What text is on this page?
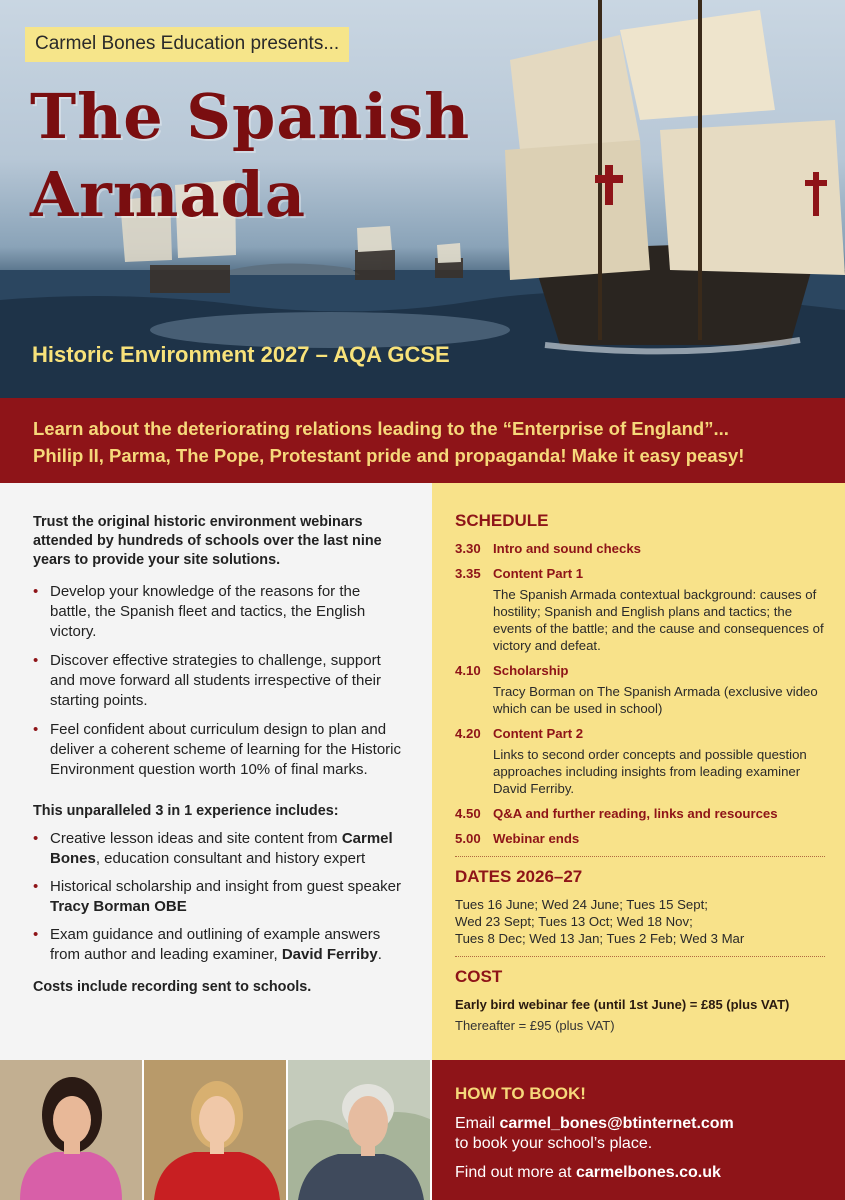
Carmel Bones Education presents...
The Spanish
Armada
Historic Environment 2027 – AQA GCSE
Learn about the deteriorating relations leading to the “Enterprise of England”...
Philip II, Parma, The Pope, Protestant pride and propaganda! Make it easy peasy!

Trust the original historic environment webinars attended by hundreds of schools over the last nine years to provide your site solutions.

• Develop your knowledge of the reasons for the battle, the Spanish fleet and tactics, the English victory.
• Discover effective strategies to challenge, support and move forward all students irrespective of their starting points.
• Feel confident about curriculum design to plan and deliver a coherent scheme of learning for the Historic Environment question worth 10% of final marks.

This unparalleled 3 in 1 experience includes:

• Creative lesson ideas and site content from Carmel Bones, education consultant and history expert
• Historical scholarship and insight from guest speaker Tracy Borman OBE
• Exam guidance and outlining of example answers from author and leading examiner, David Ferriby.

Costs include recording sent to schools.

SCHEDULE
3.30 Intro and sound checks
3.35 Content Part 1
The Spanish Armada contextual background: causes of hostility; Spanish and English plans and tactics; the events of the battle; and the cause and consequences of victory and defeat.
4.10 Scholarship
Tracy Borman on The Spanish Armada (exclusive video which can be used in school)
4.20 Content Part 2
Links to second order concepts and possible question approaches including insights from leading examiner David Ferriby.
4.50 Q&A and further reading, links and resources
5.00 Webinar ends
DATES 2026–27
Tues 16 June; Wed 24 June; Tues 15 Sept;
Wed 23 Sept; Tues 13 Oct; Wed 18 Nov;
Tues 8 Dec; Wed 13 Jan; Tues 2 Feb; Wed 3 Mar
COST
Early bird webinar fee (until 1st June) = £85 (plus VAT)
Thereafter = £95 (plus VAT)
HOW TO BOOK!
Email carmel_bones@btinternet.com
to book your school’s place.
Find out more at carmelbones.co.uk
